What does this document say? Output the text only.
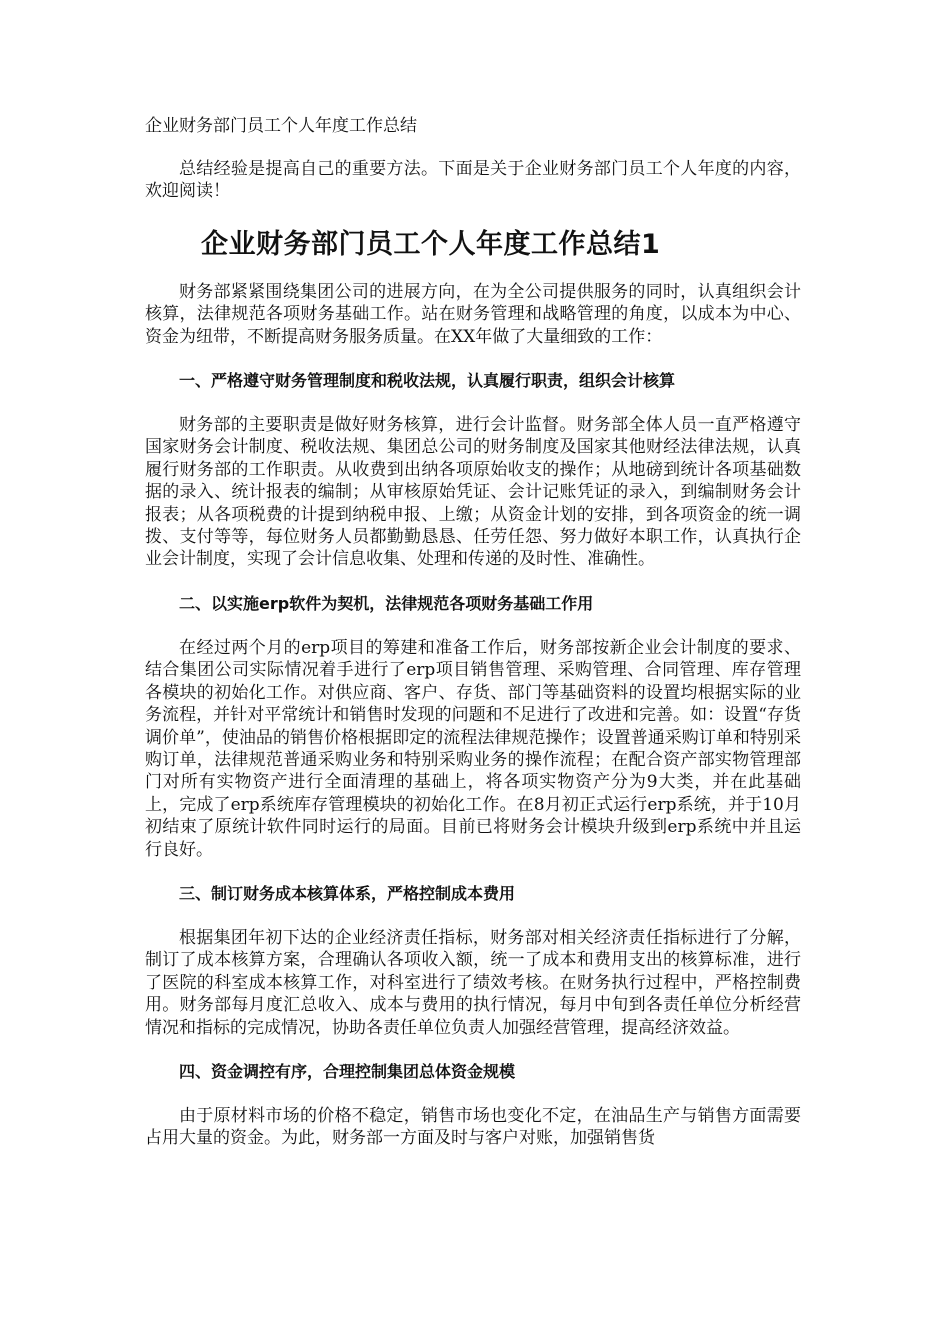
企业财务部门员工个人年度工作总结

总结经验是提高自己的重要方法。下面是关于企业财务部门员工个人年度的内容，欢迎阅读！

企业财务部门员工个人年度工作总结1

财务部紧紧围绕集团公司的进展方向，在为全公司提供服务的同时，认真组织会计核算，法律规范各项财务基础工作。站在财务管理和战略管理的角度，以成本为中心、资金为纽带，不断提高财务服务质量。在XX年做了大量细致的工作：

一、严格遵守财务管理制度和税收法规，认真履行职责，组织会计核算

财务部的主要职责是做好财务核算，进行会计监督。财务部全体人员一直严格遵守国家财务会计制度、税收法规、集团总公司的财务制度及国家其他财经法律法规，认真履行财务部的工作职责。从收费到出纳各项原始收支的操作；从地磅到统计各项基础数据的录入、统计报表的编制；从审核原始凭证、会计记账凭证的录入，到编制财务会计报表；从各项税费的计提到纳税申报、上缴；从资金计划的安排，到各项资金的统一调拨、支付等等，每位财务人员都勤勤恳恳、任劳任怨、努力做好本职工作，认真执行企业会计制度，实现了会计信息收集、处理和传递的及时性、准确性。

二、以实施erp软件为契机，法律规范各项财务基础工作用

在经过两个月的erp项目的筹建和准备工作后，财务部按新企业会计制度的要求、结合集团公司实际情况着手进行了erp项目销售管理、采购管理、合同管理、库存管理各模块的初始化工作。对供应商、客户、存货、部门等基础资料的设置均根据实际的业务流程，并针对平常统计和销售时发现的问题和不足进行了改进和完善。如：设置“存货调价单”，使油品的销售价格根据即定的流程法律规范操作；设置普通采购订单和特别采购订单，法律规范普通采购业务和特别采购业务的操作流程；在配合资产部实物管理部门对所有实物资产进行全面清理的基础上，将各项实物资产分为9大类，并在此基础上，完成了erp系统库存管理模块的初始化工作。在8月初正式运行erp系统，并于10月初结束了原统计软件同时运行的局面。目前已将财务会计模块升级到erp系统中并且运行良好。

三、制订财务成本核算体系，严格控制成本费用

根据集团年初下达的企业经济责任指标，财务部对相关经济责任指标进行了分解，制订了成本核算方案，合理确认各项收入额，统一了成本和费用支出的核算标准，进行了医院的科室成本核算工作，对科室进行了绩效考核。在财务执行过程中，严格控制费用。财务部每月度汇总收入、成本与费用的执行情况，每月中旬到各责任单位分析经营情况和指标的完成情况，协助各责任单位负责人加强经营管理，提高经济效益。

四、资金调控有序，合理控制集团总体资金规模

由于原材料市场的价格不稳定，销售市场也变化不定，在油品生产与销售方面需要占用大量的资金。为此，财务部一方面及时与客户对账，加强销售货
